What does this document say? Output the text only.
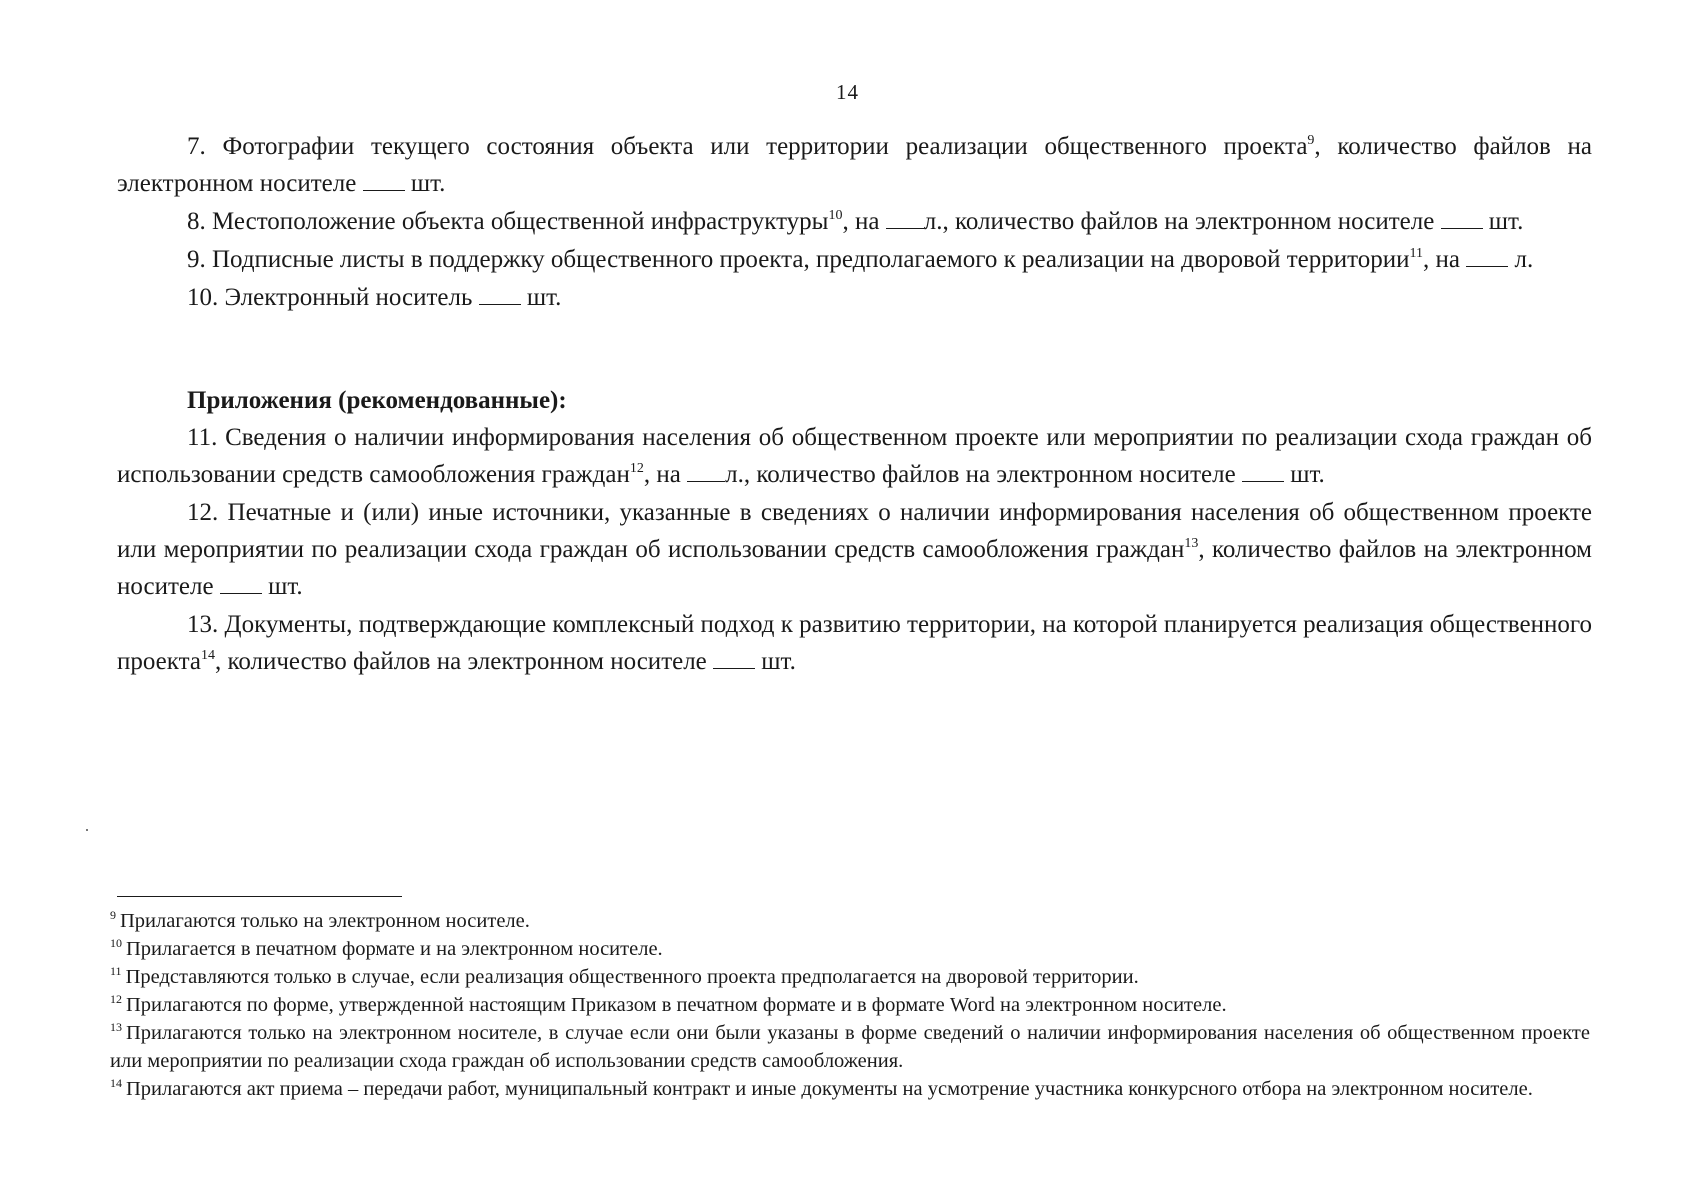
14

7. Фотографии текущего состояния объекта или территории реализации общественного проекта$^9$, количество файлов на электронном носителе  шт.

8. Местоположение объекта общественной инфраструктуры$^{10}$, на л., количество файлов на электронном носителе  шт.

9. Подписные листы в поддержку общественного проекта, предполагаемого к реализации на дворовой территории$^{11}$, на  л.

10. Электронный носитель  шт.

Приложения (рекомендованные):

11. Сведения о наличии информирования населения об общественном проекте или мероприятии по реализации схода граждан об использовании средств самообложения граждан$^{12}$, на л., количество файлов на электронном носителе  шт.

12. Печатные и (или) иные источники, указанные в сведениях о наличии информирования населения об общественном проекте или мероприятии по реализации схода граждан об использовании средств самообложения граждан$^{13}$, количество файлов на электронном носителе  шт.

13. Документы, подтверждающие комплексный подход к развитию территории, на которой планируется реализация общественного проекта$^{14}$, количество файлов на электронном носителе  шт.

$^9$ Прилагаются только на электронном носителе.

$^{10}$ Прилагается в печатном формате и на электронном носителе.

$^{11}$ Представляются только в случае, если реализация общественного проекта предполагается на дворовой территории.

$^{12}$ Прилагаются по форме, утвержденной настоящим Приказом в печатном формате и в формате Word на электронном носителе.

$^{13}$ Прилагаются только на электронном носителе, в случае если они были указаны в форме сведений о наличии информирования населения об общественном проекте или мероприятии по реализации схода граждан об использовании средств самообложения.

$^{14}$ Прилагаются акт приема – передачи работ, муниципальный контракт и иные документы на усмотрение участника конкурсного отбора на электронном носителе.
